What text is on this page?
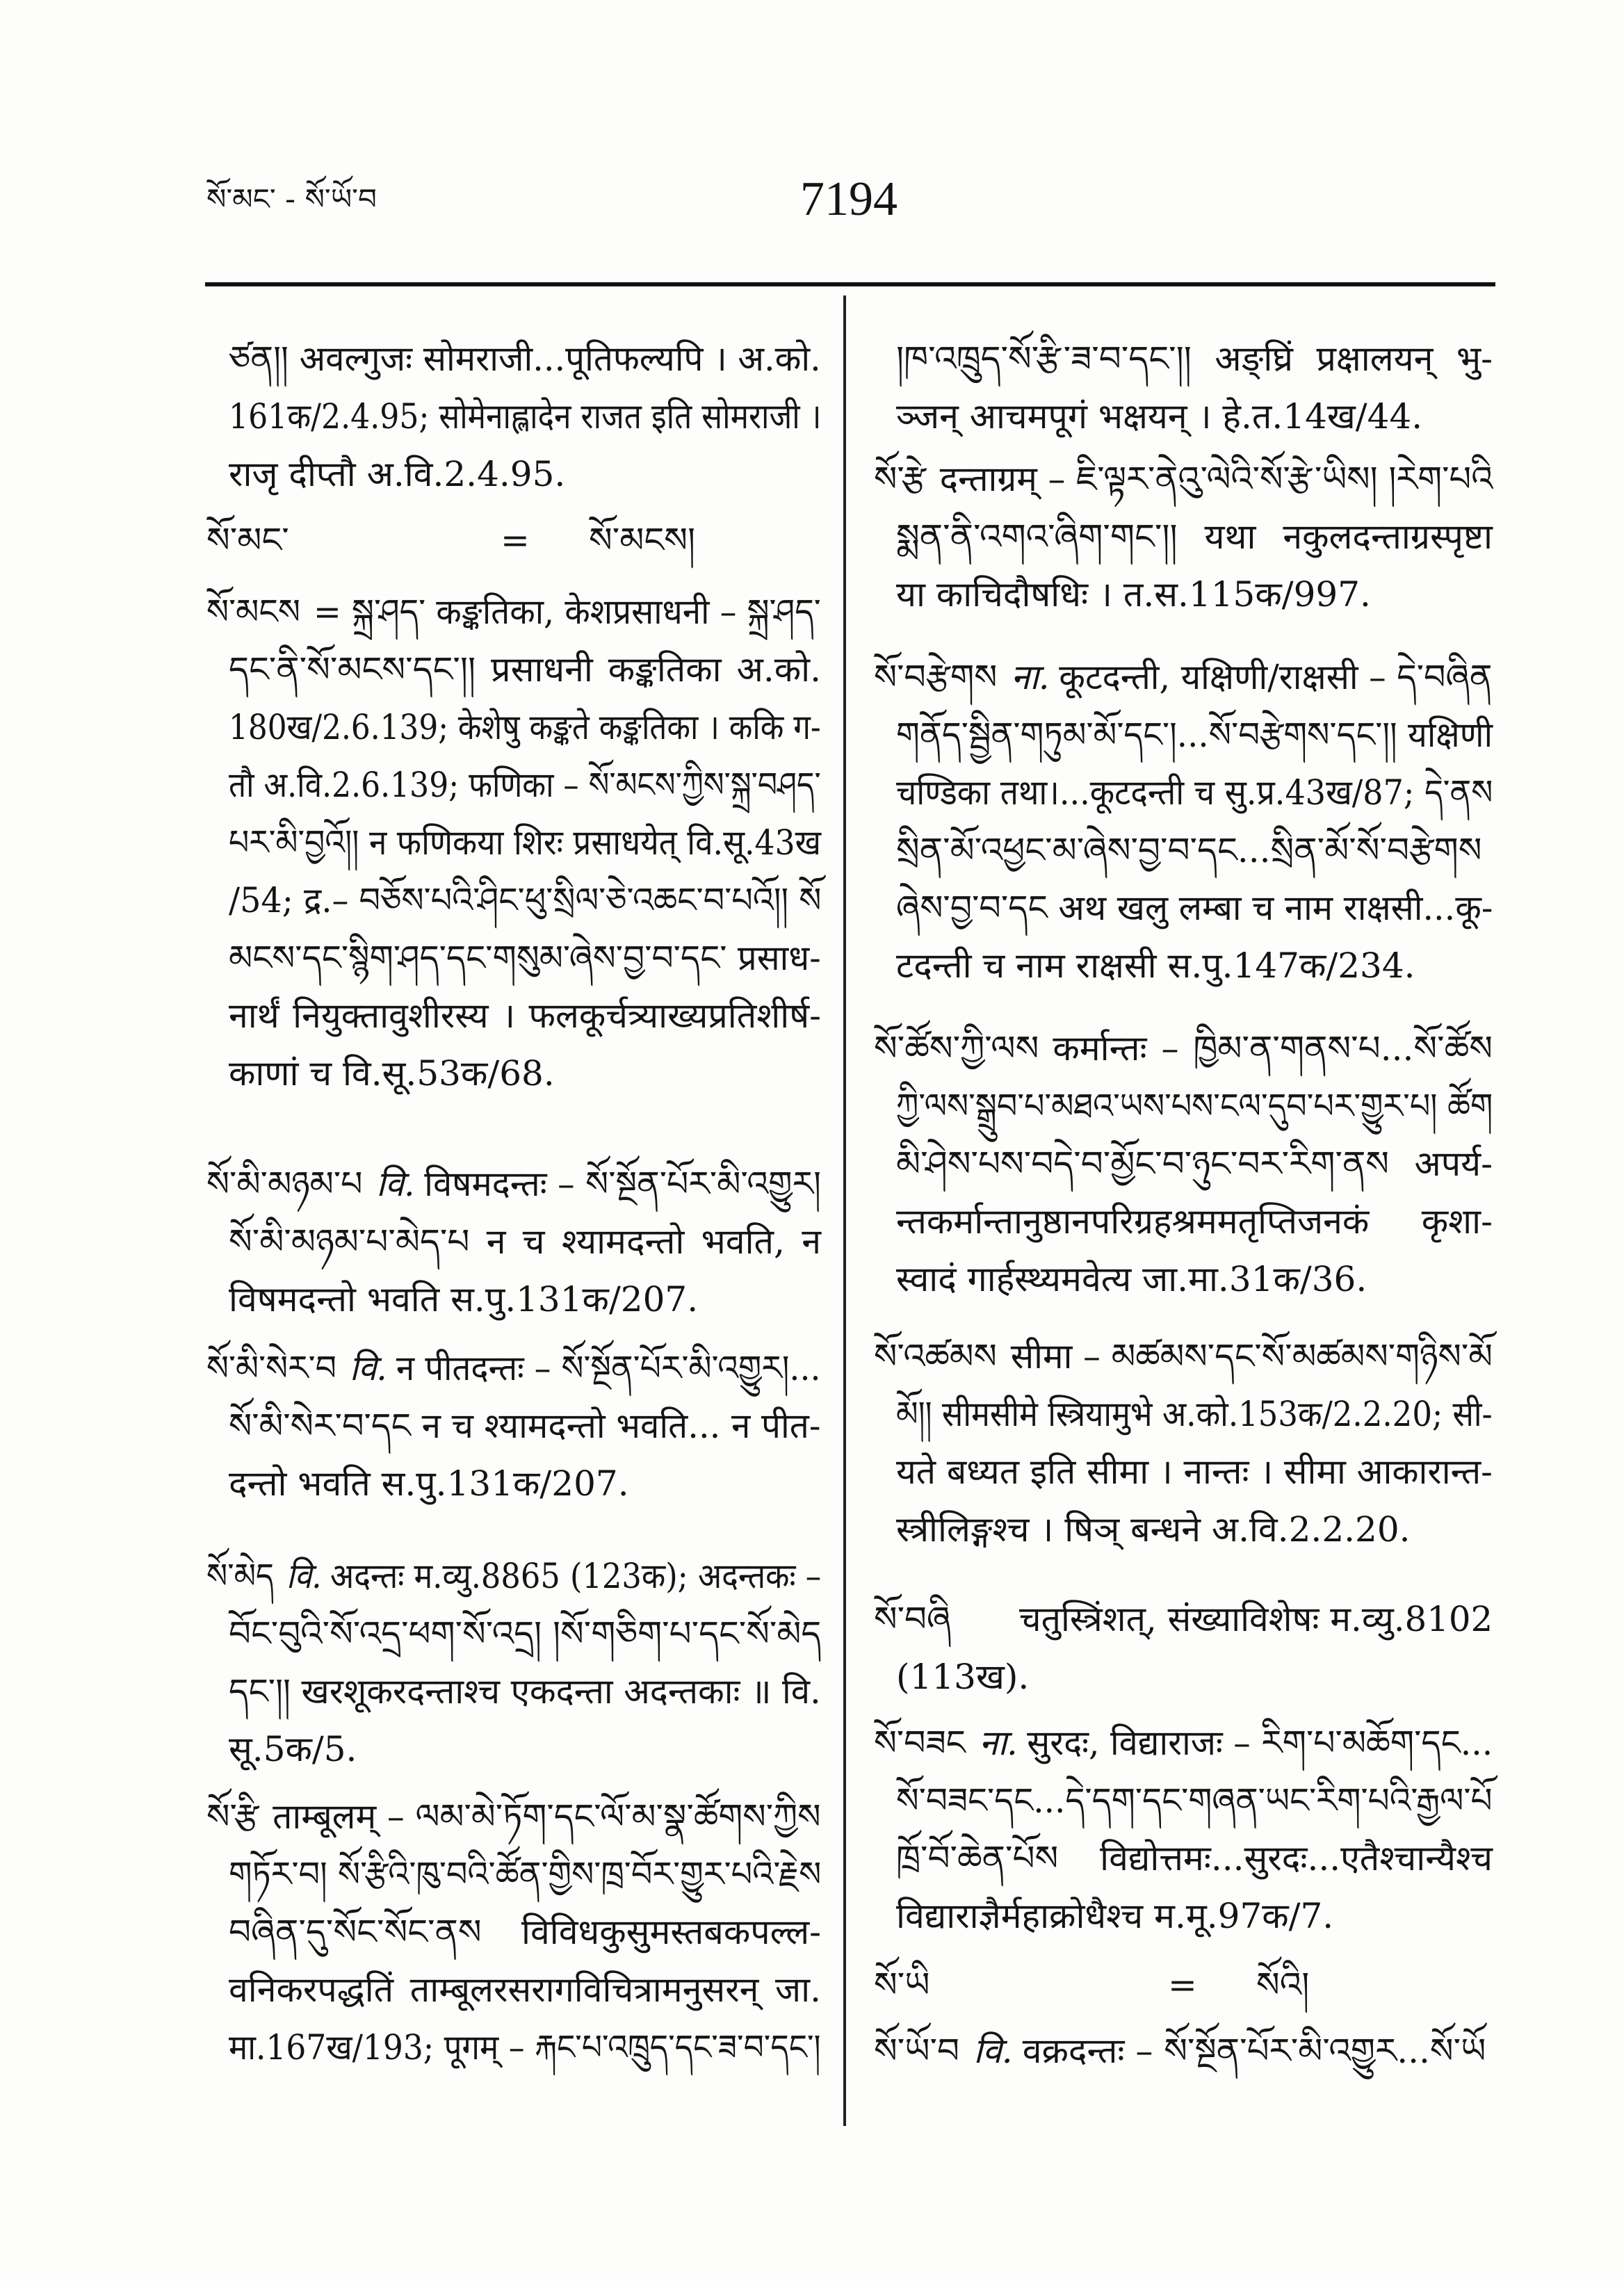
སོ་མང་ - སོ་ཡོ་བ	7194
ཙན།། अवल्गुजः सोमराजी...पूतिफल्यपि । अ.को.
161क/2.4.95; सोमेनाह्लादेन राजत इति सोमराजी ।
राजृ दीप्तौ अ.वि.2.4.95.
སོ་མང་	= སོ་མངས།
སོ་མངས = སྐྲ་ཤད་ कङ्कतिका, केशप्रसाधनी – སྐྲ་ཤད་
དང་ནི་སོ་མངས་དང་།། प्रसाधनी कङ्कतिका अ.को.
180ख/2.6.139; केशेषु कङ्कते कङ्कतिका । ककि ग-
तौ अ.वि.2.6.139; फणिका – སོ་མངས་ཀྱིས་སྐྲ་བཤད་
པར་མི་བྱའོ།། न फणिकया शिरः प्रसाधयेत् वि.सू.43ख
/54; द्र.– བཅོས་པའི་ཤིང་ཕུ་སྲིལ་ཅེ་འཆང་བ་པའོ།། སོ
མངས་དང་སྙིག་ཤད་དང་གསུམ་ཞེས་བྱ་བ་དང་ प्रसाध-
नार्थं नियुक्तावुशीरस्य । फलकूर्चत्र्याख्यप्रतिशीर्ष-
काणां च वि.सू.53क/68.
སོ་མི་མཉམ་པ वि. विषमदन्तः – སོ་སྔོན་པོར་མི་འགྱུར།
སོ་མི་མཉམ་པ་མེད་པ न च श्यामदन्तो भवति, न
विषमदन्तो भवति स.पु.131क/207.
སོ་མི་སེར་བ वि. न पीतदन्तः – སོ་སྔོན་པོར་མི་འགྱུར།...
སོ་མི་སེར་བ་དང न च श्यामदन्तो भवति... न पीत-
दन्तो भवति स.पु.131क/207.
སོ་མེད वि. अदन्तः म.व्यु.8865 (123क); अदन्तकः –
བོང་བུའི་སོ་འདྲ་ཕག་སོ་འདྲ། །སོ་གཅིག་པ་དང་སོ་མེད
དང་།། खरशूकरदन्ताश्च एकदन्ता अदन्तकाः ॥ वि.
सू.5क/5.
སོ་རྩི ताम्बूलम् – ལམ་མེ་ཏོག་དང་ལོ་མ་སྣ་ཚོགས་ཀྱིས
གཏོར་བ། སོ་རྩིའི་ཁུ་བའི་ཚོན་གྱིས་ཁྲ་བོར་གྱུར་པའི་རྗེས
བཞིན་དུ་སོང་སོང་ནས विविधकुसुमस्तबकपल्ल-
वनिकरपद्धतिं ताम्बूलरसरागविचित्रामनुसरन् जा.
मा.167ख/193; पूगम् – རྐང་པ་འཁྲུད་དང་ཟ་བ་དང་།
།ཁ་འཁྲུད་སོ་རྩི་ཟ་བ་དང་།། अङ्घ्रिं प्रक्षालयन् भु-
ञ्जन् आचमपूगं भक्षयन् । हे.त.14ख/44.
སོ་རྩེ दन्ताग्रम् – ཇི་ལྟར་ནེའུ་ལེའི་སོ་རྩེ་ཡིས། །རེག་པའི
སྨན་ནི་འགའ་ཞིག་གང་།། यथा नकुलदन्ताग्रस्पृष्टा
या काचिदौषधिः । त.स.115क/997.
སོ་བརྩེགས ना. कूटदन्ती, यक्षिणी/राक्षसी – དེ་བཞིན
གནོད་སྦྱིན་གཏུམ་མོ་དང་།...སོ་བརྩེགས་དང་།། यक्षिणी
चण्डिका तथा।...कूटदन्ती च सु.प्र.43ख/87; དེ་ནས
སྲིན་མོ་འཕྱང་མ་ཞེས་བྱ་བ་དང...སྲིན་མོ་སོ་བརྩེགས
ཞེས་བྱ་བ་དང अथ खलु लम्बा च नाम राक्षसी...कू-
टदन्ती च नाम राक्षसी स.पु.147क/234.
སོ་ཚོས་ཀྱི་ལས कर्मान्तः – ཁྱིམ་ན་གནས་པ...སོ་ཚོས
ཀྱི་ལས་སྒྲུབ་པ་མཐའ་ཡས་པས་ངལ་དུབ་པར་གྱུར་པ། ཚོག
མི་ཤེས་པས་བདེ་བ་མྱོང་བ་ཉུང་བར་རིག་ནས अपर्य-
न्तकर्मान्तानुष्ठानपरिग्रहश्रममतृप्तिजनकं कृशा-
स्वादं गार्हस्थ्यमवेत्य जा.मा.31क/36.
སོ་འཚམས सीमा – མཚམས་དང་སོ་མཚམས་གཉིས་མོ
མོ།། सीमसीमे स्त्रियामुभे अ.को.153क/2.2.20; सी-
यते बध्यत इति सीमा । नान्तः । सीमा आकारान्त-
स्त्रीलिङ्गश्च । षिञ् बन्धने अ.वि.2.2.20.
སོ་བཞི चतुस्त्रिंशत्, संख्याविशेषः म.व्यु.8102
(113ख).
སོ་བཟང ना. सुरदः, विद्याराजः – རིག་པ་མཆོག་དང...
སོ་བཟང་དང...དེ་དག་དང་གཞན་ཡང་རིག་པའི་རྒྱལ་པོ
ཁྲོ་བོ་ཆེན་པོས विद्योत्तमः...सुरदः...एतैश्चान्यैश्च
विद्याराज्ञैर्महाक्रोधैश्च म.मू.97क/7.
སོ་ཡི	= སོའི།
སོ་ཡོ་བ वि. वक्रदन्तः – སོ་སྔོན་པོར་མི་འགྱུར...སོ་ཡོ
